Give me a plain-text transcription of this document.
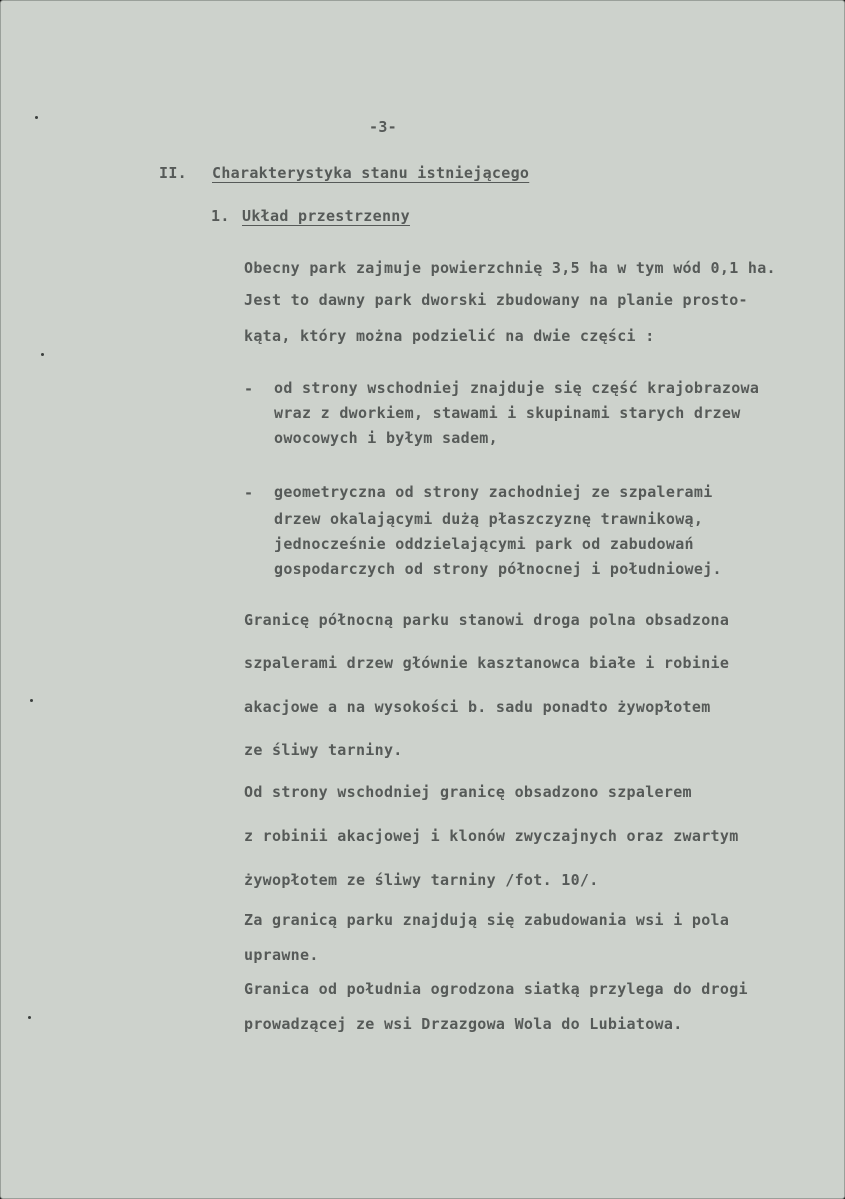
-3-
II. Charakterystyka stanu istniejącego
1. Układ przestrzenny
Obecny park zajmuje powierzchnię 3,5 ha w tym wód 0,1 ha.
Jest to dawny park dworski zbudowany na planie prosto-
kąta, który można podzielić na dwie części :
- od strony wschodniej znajduje się część krajobrazowa
wraz z dworkiem, stawami i skupinami starych drzew
owocowych i byłym sadem,
- geometryczna od strony zachodniej ze szpalerami
drzew okalającymi dużą płaszczyznę trawnikową,
jednocześnie oddzielającymi park od zabudowań
gospodarczych od strony północnej i południowej.
Granicę północną parku stanowi droga polna obsadzona
szpalerami drzew głównie kasztanowca białe i robinie
akacjowe a na wysokości b. sadu ponadto żywopłotem
ze śliwy tarniny.
Od strony wschodniej granicę obsadzono szpalerem
z robinii akacjowej i klonów zwyczajnych oraz zwartym
żywopłotem ze śliwy tarniny /fot. 10/.
Za granicą parku znajdują się zabudowania wsi i pola
uprawne.
Granica od południa ogrodzona siatką przylega do drogi
prowadzącej ze wsi Drzazgowa Wola do Lubiatowa.
